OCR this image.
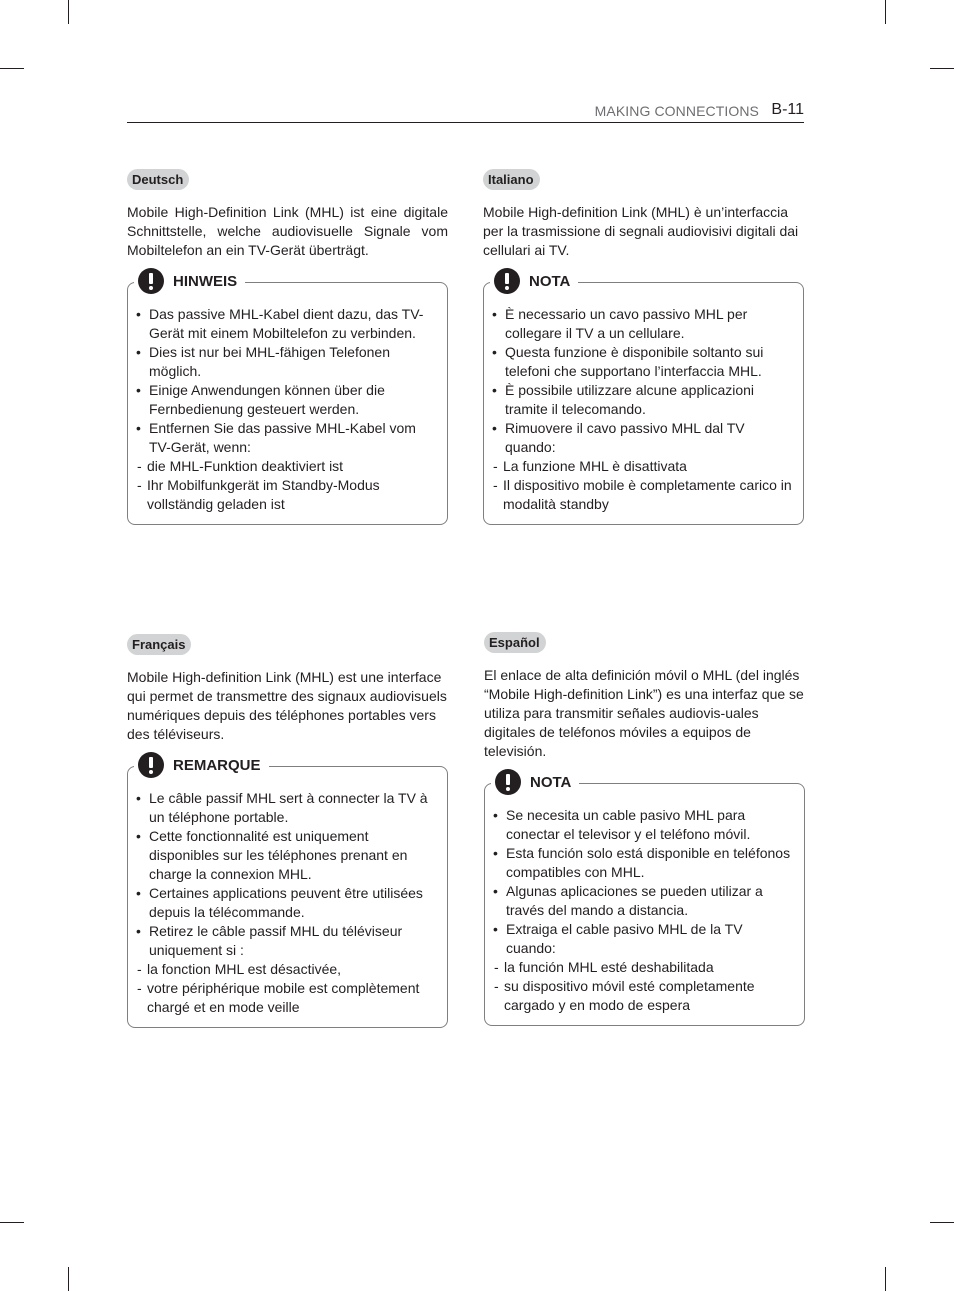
MAKING CONNECTIONS B-11
Deutsch

Mobile High-Definition Link (MHL) ist eine digitale Schnittstelle, welche audiovisuelle Signale vom Mobiltelefon an ein TV-Gerät überträgt.

HINWEIS
• Das passive MHL-Kabel dient dazu, das TV-Gerät mit einem Mobiltelefon zu verbinden.
• Dies ist nur bei MHL-fähigen Telefonen möglich.
• Einige Anwendungen können über die Fernbedienung gesteuert werden.
• Entfernen Sie das passive MHL-Kabel vom TV-Gerät, wenn:
- die MHL-Funktion deaktiviert ist
- Ihr Mobilfunkgerät im Standby-Modus vollständig geladen ist
Italiano

Mobile High-definition Link (MHL) è un’interfaccia per la trasmissione di segnali audiovisivi digitali dai cellulari ai TV.

NOTA
• È necessario un cavo passivo MHL per collegare il TV a un cellulare.
• Questa funzione è disponibile soltanto sui telefoni che supportano l’interfaccia MHL.
• È possibile utilizzare alcune applicazioni tramite il telecomando.
• Rimuovere il cavo passivo MHL dal TV quando:
- La funzione MHL è disattivata
- Il dispositivo mobile è completamente carico in modalità standby
Français

Mobile High-definition Link (MHL) est une interface qui permet de transmettre des signaux audiovisuels numériques depuis des téléphones portables vers des téléviseurs.

REMARQUE
• Le câble passif MHL sert à connecter la TV à un téléphone portable.
• Cette fonctionnalité est uniquement disponibles sur les téléphones prenant en charge la connexion MHL.
• Certaines applications peuvent être utilisées depuis la télécommande.
• Retirez le câble passif MHL du téléviseur uniquement si :
- la fonction MHL est désactivée,
- votre périphérique mobile est complètement chargé et en mode veille
Español

El enlace de alta definición móvil o MHL (del inglés “Mobile High-definition Link”) es una interfaz que se utiliza para transmitir señales audiovis-uales digitales de teléfonos móviles a equipos de televisión.

NOTA
• Se necesita un cable pasivo MHL para conectar el televisor y el teléfono móvil.
• Esta función solo está disponible en teléfonos compatibles con MHL.
• Algunas aplicaciones se pueden utilizar a través del mando a distancia.
• Extraiga el cable pasivo MHL de la TV cuando:
- la función MHL esté deshabilitada
- su dispositivo móvil esté completamente cargado y en modo de espera
